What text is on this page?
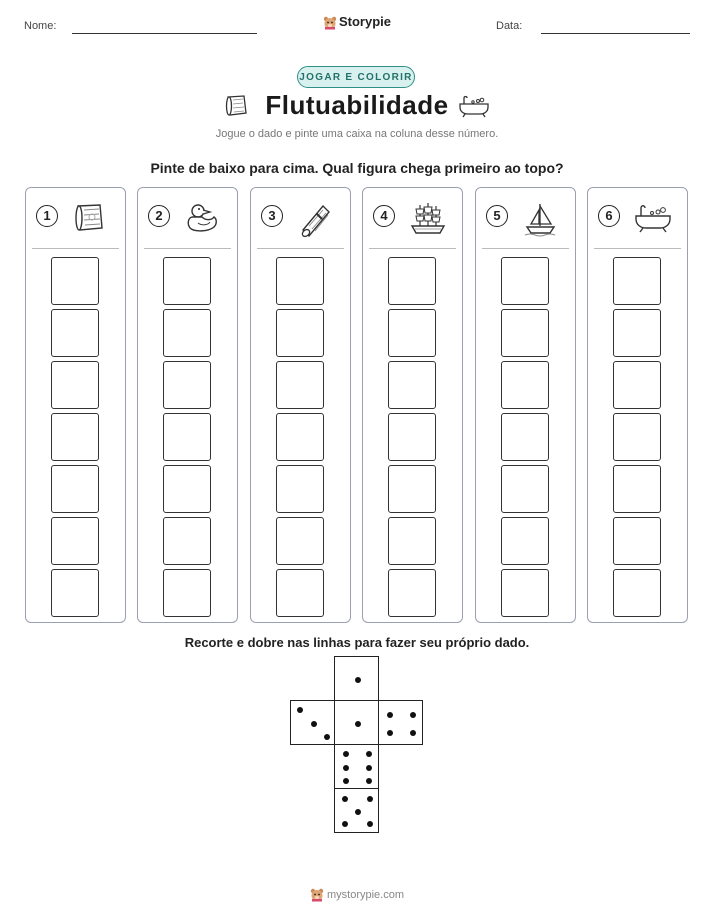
Nome:	Storypie	Data:
JOGAR E COLORIR
Flutuabilidade
Jogue o dado e pinte uma caixa na coluna desse número.
Pinte de baixo para cima. Qual figura chega primeiro ao topo?
1	2	3	4	5	6
Recorte e dobre nas linhas para fazer seu próprio dado.
mystorypie.com
